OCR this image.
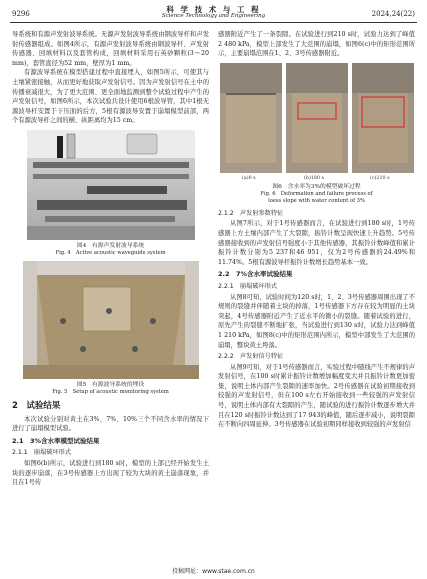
9296	科 学 技 术 与 工 程
Science Technology and Engineering	2024,24(22)

导系统和有源声发射波导系统。无源声发射波导系统由钢波导杆和声发射传感器组成。如图4所示，有源声发射波导系统由钢波导杆、声发射传感器、回填材料以及套管构成，回填材料采用石英砂颗粒(3～20 mm)，套管直径为52 mm，壁厚为1 mm。

有源波导系统在模型搭建过程中直接埋入，如图5所示，可使其与土壤紧密接触，从而更好地获取声发射信号。因为声发射信号在土中的传播衰减很大，为了更大范围、更全面地监测到整个试验过程中产生的声发射信号，如图6所示，本次试验共设计使用6根波导管，其中1根无源波导杆安置于下压面的后方，5根有源波导安置于崩塌模型前部，两个有源波导杆之间的横、纵距离均为15 cm。

图4　有源声发射波导系统
Fig. 4　Active acoustic waveguide system
图5　有源波导系统的埋设
Fig. 5　Setup of acoustic monitoring system
2　试验结果

本次试验分别对黄土在3%、7%、10%三个不同含水率的情况下进行了崩塌模型试验。

2.1　3%含水率模型试验结果
2.1.1　崩塌破坏形式

如图6(b)所示，试验进行到180 s时，模型的上部已经开始发生土块的逐步崩落，在3号传感器上方出现了较为大块的黄土崩落现象，并且在1号传

感器附近产生了一条裂隙。在试验进行到210 s时，试验力达到了峰值2 480 kPa，模型上部发生了大范围的崩塌，如图6(c)中的矩形范围所示，主要崩塌范围在1、2、3号传感器附近。

(a)0 s	(b)180 s	(c)210 s
图6　含水率为3%的模型破坏过程
Fig. 6　Deformation and failure process of
loess slope with water content of 3%
2.1.2　声发射参数特征

从图7所示，对于1号传感器而言，在试验进行到180 s时，1号传感器上方土壤内部产生了大裂隙，振铃计数呈现快速上升趋势。5号传感器接收到的声发射信号强度小于其他传感器，其振铃计数峰值和累计振铃计数分别为5 237和46 951，仅为2号传感器的24.49%和11.74%。5根有源波导杆振铃计数增长趋势基本一致。

2.2　7%含水率试验结果
2.2.1　崩塌破坏形式

从图8可知，试验时间为120 s时，1、2、3号传感器周围出现了不规则的裂缝并伴随着土块的掉落，1号传感器下方存在较为明显的土块突起，4号传感器附近产生了近水平的微小的裂缝。随着试验的进行，原先产生的裂缝不断地扩张，当试验进行到130 s时，试验力达到峰值1 210 kPa，如图8(c)中的矩形范围内所示，模型中部发生了大范围的崩塌，整块黄土垮落。

2.2.2　声发射信号特征

从图9可知，对于1号传感器而言，实验过程中随线产生不规律的声发射信号，在100 s时累计振铃计数增加幅度变大并且振铃计数更加密集，说明土体内部产生裂隙的速率加快。2号传感器在试验初期接收到较强的声发射信号，但在100 s左右开始接收到一些较强的声发射信号，说明土体内部有大裂隙的产生，随试验的进行振铃计数逐步增大并且在120 s时振铃计数达到了17 943的峰值，随后逐步减小，说明裂隙在不断向四周延伸。3号传感器在试验初期同样接收到较强的声发射信

投稿网址：www.stae.com.cn
